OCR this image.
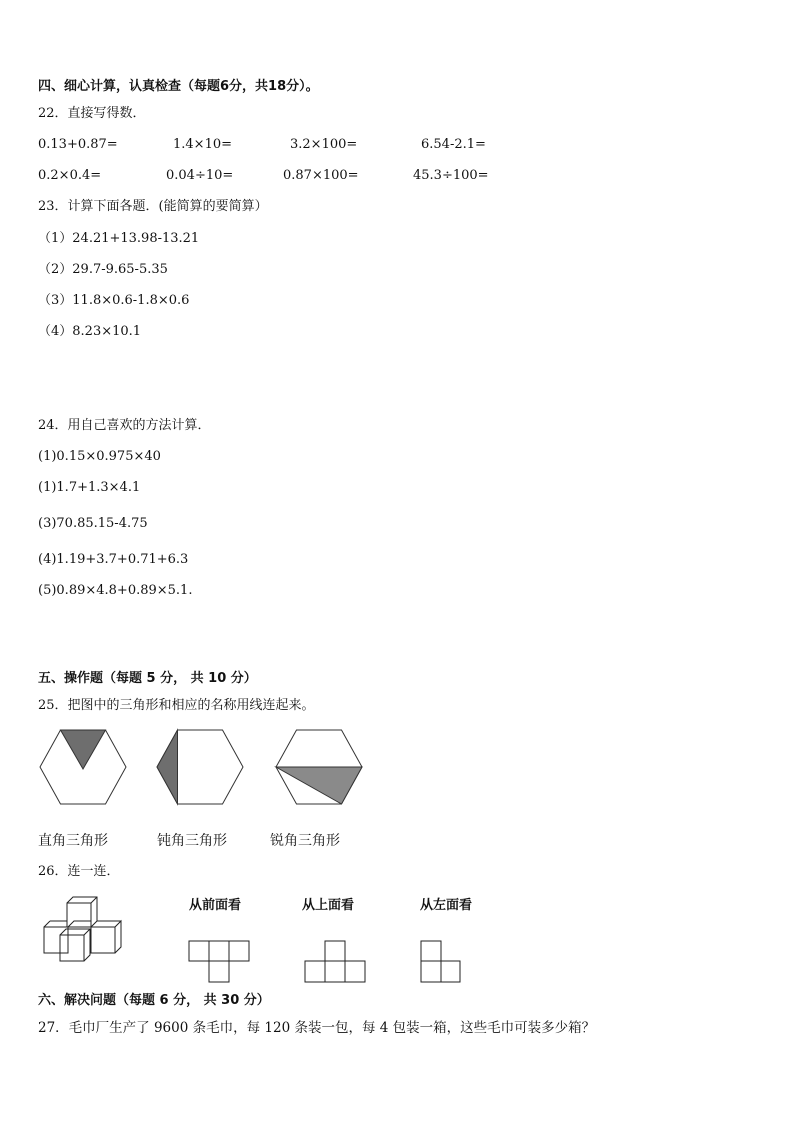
四、细心计算，认真检查（每题6分，共18分）。
22．直接写得数．
0.13+0.87=	1.4×10=	3.2×100=	6.54-2.1=
0.2×0.4=	0.04÷10=	0.87×100=	45.3÷100=
23．计算下面各题．(能简算的要简算）
（1）24.21+13.98-13.21
（2）29.7-9.65-5.35
（3）11.8×0.6-1.8×0.6
（4）8.23×10.1
24．用自己喜欢的方法计算．
(1)0.15×0.975×40
(1)1.7+1.3×4.1
(3)70.85.15-4.75
(4)1.19+3.7+0.71+6.3
(5)0.89×4.8+0.89×5.1.
五、操作题（每题 5 分， 共 10 分）
25．把图中的三角形和相应的名称用线连起来。
直角三角形	钝角三角形	锐角三角形
26．连一连．
从前面看	从上面看	从左面看
六、解决问题（每题 6 分， 共 30 分）
27．毛巾厂生产了 9600 条毛巾，每 120 条装一包，每 4 包装一箱，这些毛巾可装多少箱？
